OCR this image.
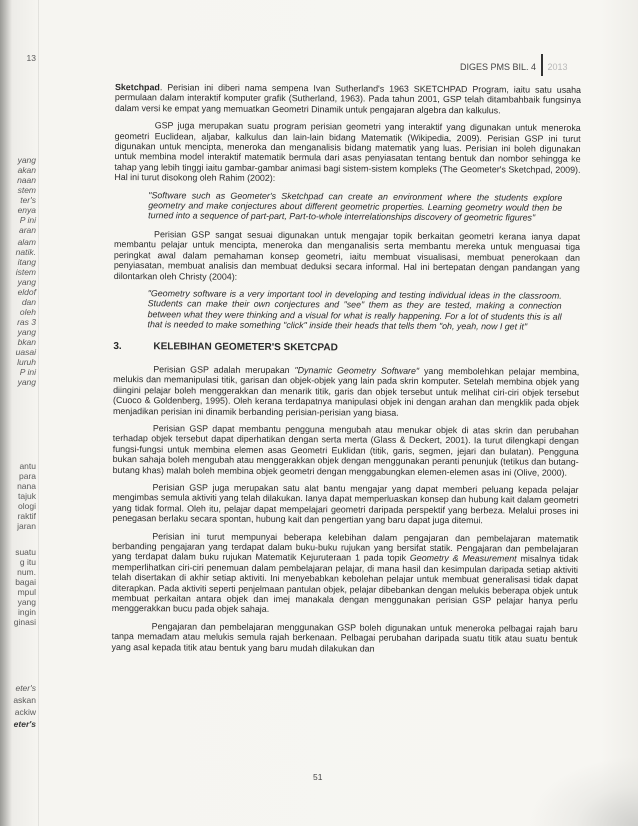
13
yang
akan
naan
stem
ter's
enya
P ini
aran
alam
natik.
itang
istem
yang
eldof
dan
oleh
ras 3
yang
bkan
uasai
luruh
P ini
yang
antu
para
nana
tajuk
ologi
raktif
jaran
suatu
g itu
num.
bagai
mpul
yang
ingin
ginasi
eter's
askan
ackiw
eter's
DIGES PMS BIL. 4 2013

Sketchpad. Perisian ini diberi nama sempena Ivan Sutherland's 1963 SKETCHPAD Program, iaitu satu usaha permulaan dalam interaktif komputer grafik (Sutherland, 1963). Pada tahun 2001, GSP telah ditambahbaik fungsinya dalam versi ke empat yang memuatkan Geometri Dinamik untuk pengajaran algebra dan kalkulus.

GSP juga merupakan suatu program perisian geometri yang interaktif yang digunakan untuk meneroka geometri Euclidean, aljabar, kalkulus dan lain-lain bidang Matematik (Wikipedia, 2009). Perisian GSP ini turut digunakan untuk mencipta, meneroka dan menganalisis bidang matematik yang luas. Perisian ini boleh digunakan untuk membina model interaktif matematik bermula dari asas penyiasatan tentang bentuk dan nombor sehingga ke tahap yang lebih tinggi iaitu gambar-gambar animasi bagi sistem-sistem kompleks (The Geometer's Sketchpad, 2009). Hal ini turut disokong oleh Rahim (2002):

"Software such as Geometer's Sketchpad can create an environment where the students explore geometry and make conjectures about different geometric properties. Learning geometry would then be turned into a sequence of part-part, Part-to-whole interrelationships discovery of geometric figures"

Perisian GSP sangat sesuai digunakan untuk mengajar topik berkaitan geometri kerana ianya dapat membantu pelajar untuk mencipta, meneroka dan menganalisis serta membantu mereka untuk menguasai tiga peringkat awal dalam pemahaman konsep geometri, iaitu membuat visualisasi, membuat penerokaan dan penyiasatan, membuat analisis dan membuat deduksi secara informal. Hal ini bertepatan dengan pandangan yang dilontarkan oleh Christy (2004):

"Geometry software is a very important tool in developing and testing individual ideas in the classroom. Students can make their own conjectures and "see" them as they are tested, making a connection between what they were thinking and a visual for what is really happening. For a lot of students this is all that is needed to make something "click" inside their heads that tells them "oh, yeah, now I get it"

3.	KELEBIHAN GEOMETER'S SKETCPAD

Perisian GSP adalah merupakan "Dynamic Geometry Software" yang membolehkan pelajar membina, melukis dan memanipulasi titik, garisan dan objek-objek yang lain pada skrin komputer. Setelah membina objek yang diingini pelajar boleh menggerakkan dan menarik titik, garis dan objek tersebut untuk melihat ciri-ciri objek tersebut (Cuoco & Goldenberg, 1995). Oleh kerana terdapatnya manipulasi objek ini dengan arahan dan mengklik pada objek menjadikan perisian ini dinamik berbanding perisian-perisian yang biasa.

Perisian GSP dapat membantu pengguna mengubah atau menukar objek di atas skrin dan perubahan terhadap objek tersebut dapat diperhatikan dengan serta merta (Glass & Deckert, 2001). Ia turut dilengkapi dengan fungsi-fungsi untuk membina elemen asas Geometri Euklidan (titik, garis, segmen, jejari dan bulatan). Pengguna bukan sahaja boleh mengubah atau menggerakkan objek dengan menggunakan peranti penunjuk (tetikus dan butang-butang khas) malah boleh membina objek geometri dengan menggabungkan elemen-elemen asas ini (Olive, 2000).

Perisian GSP juga merupakan satu alat bantu mengajar yang dapat memberi peluang kepada pelajar mengimbas semula aktiviti yang telah dilakukan. Ianya dapat memperluaskan konsep dan hubung kait dalam geometri yang tidak formal. Oleh itu, pelajar dapat mempelajari geometri daripada perspektif yang berbeza. Melalui proses ini penegasan berlaku secara spontan, hubung kait dan pengertian yang baru dapat juga ditemui.

Perisian ini turut mempunyai beberapa kelebihan dalam pengajaran dan pembelajaran matematik berbanding pengajaran yang terdapat dalam buku-buku rujukan yang bersifat statik. Pengajaran dan pembelajaran yang terdapat dalam buku rujukan Matematik Kejuruteraan 1 pada topik Geometry & Measurement misalnya tidak memperlihatkan ciri-ciri penemuan dalam pembelajaran pelajar, di mana hasil dan kesimpulan daripada setiap aktiviti telah disertakan di akhir setiap aktiviti. Ini menyebabkan kebolehan pelajar untuk membuat generalisasi tidak dapat diterapkan. Pada aktiviti seperti penjelmaan pantulan objek, pelajar dibebankan dengan melukis beberapa objek untuk membuat perkaitan antara objek dan imej manakala dengan menggunakan perisian GSP pelajar hanya perlu menggerakkan bucu pada objek sahaja.

Pengajaran dan pembelajaran menggunakan GSP boleh digunakan untuk meneroka pelbagai rajah baru tanpa memadam atau melukis semula rajah berkenaan. Pelbagai perubahan daripada suatu titik atau suatu bentuk yang asal kepada titik atau bentuk yang baru mudah dilakukan dan

51
